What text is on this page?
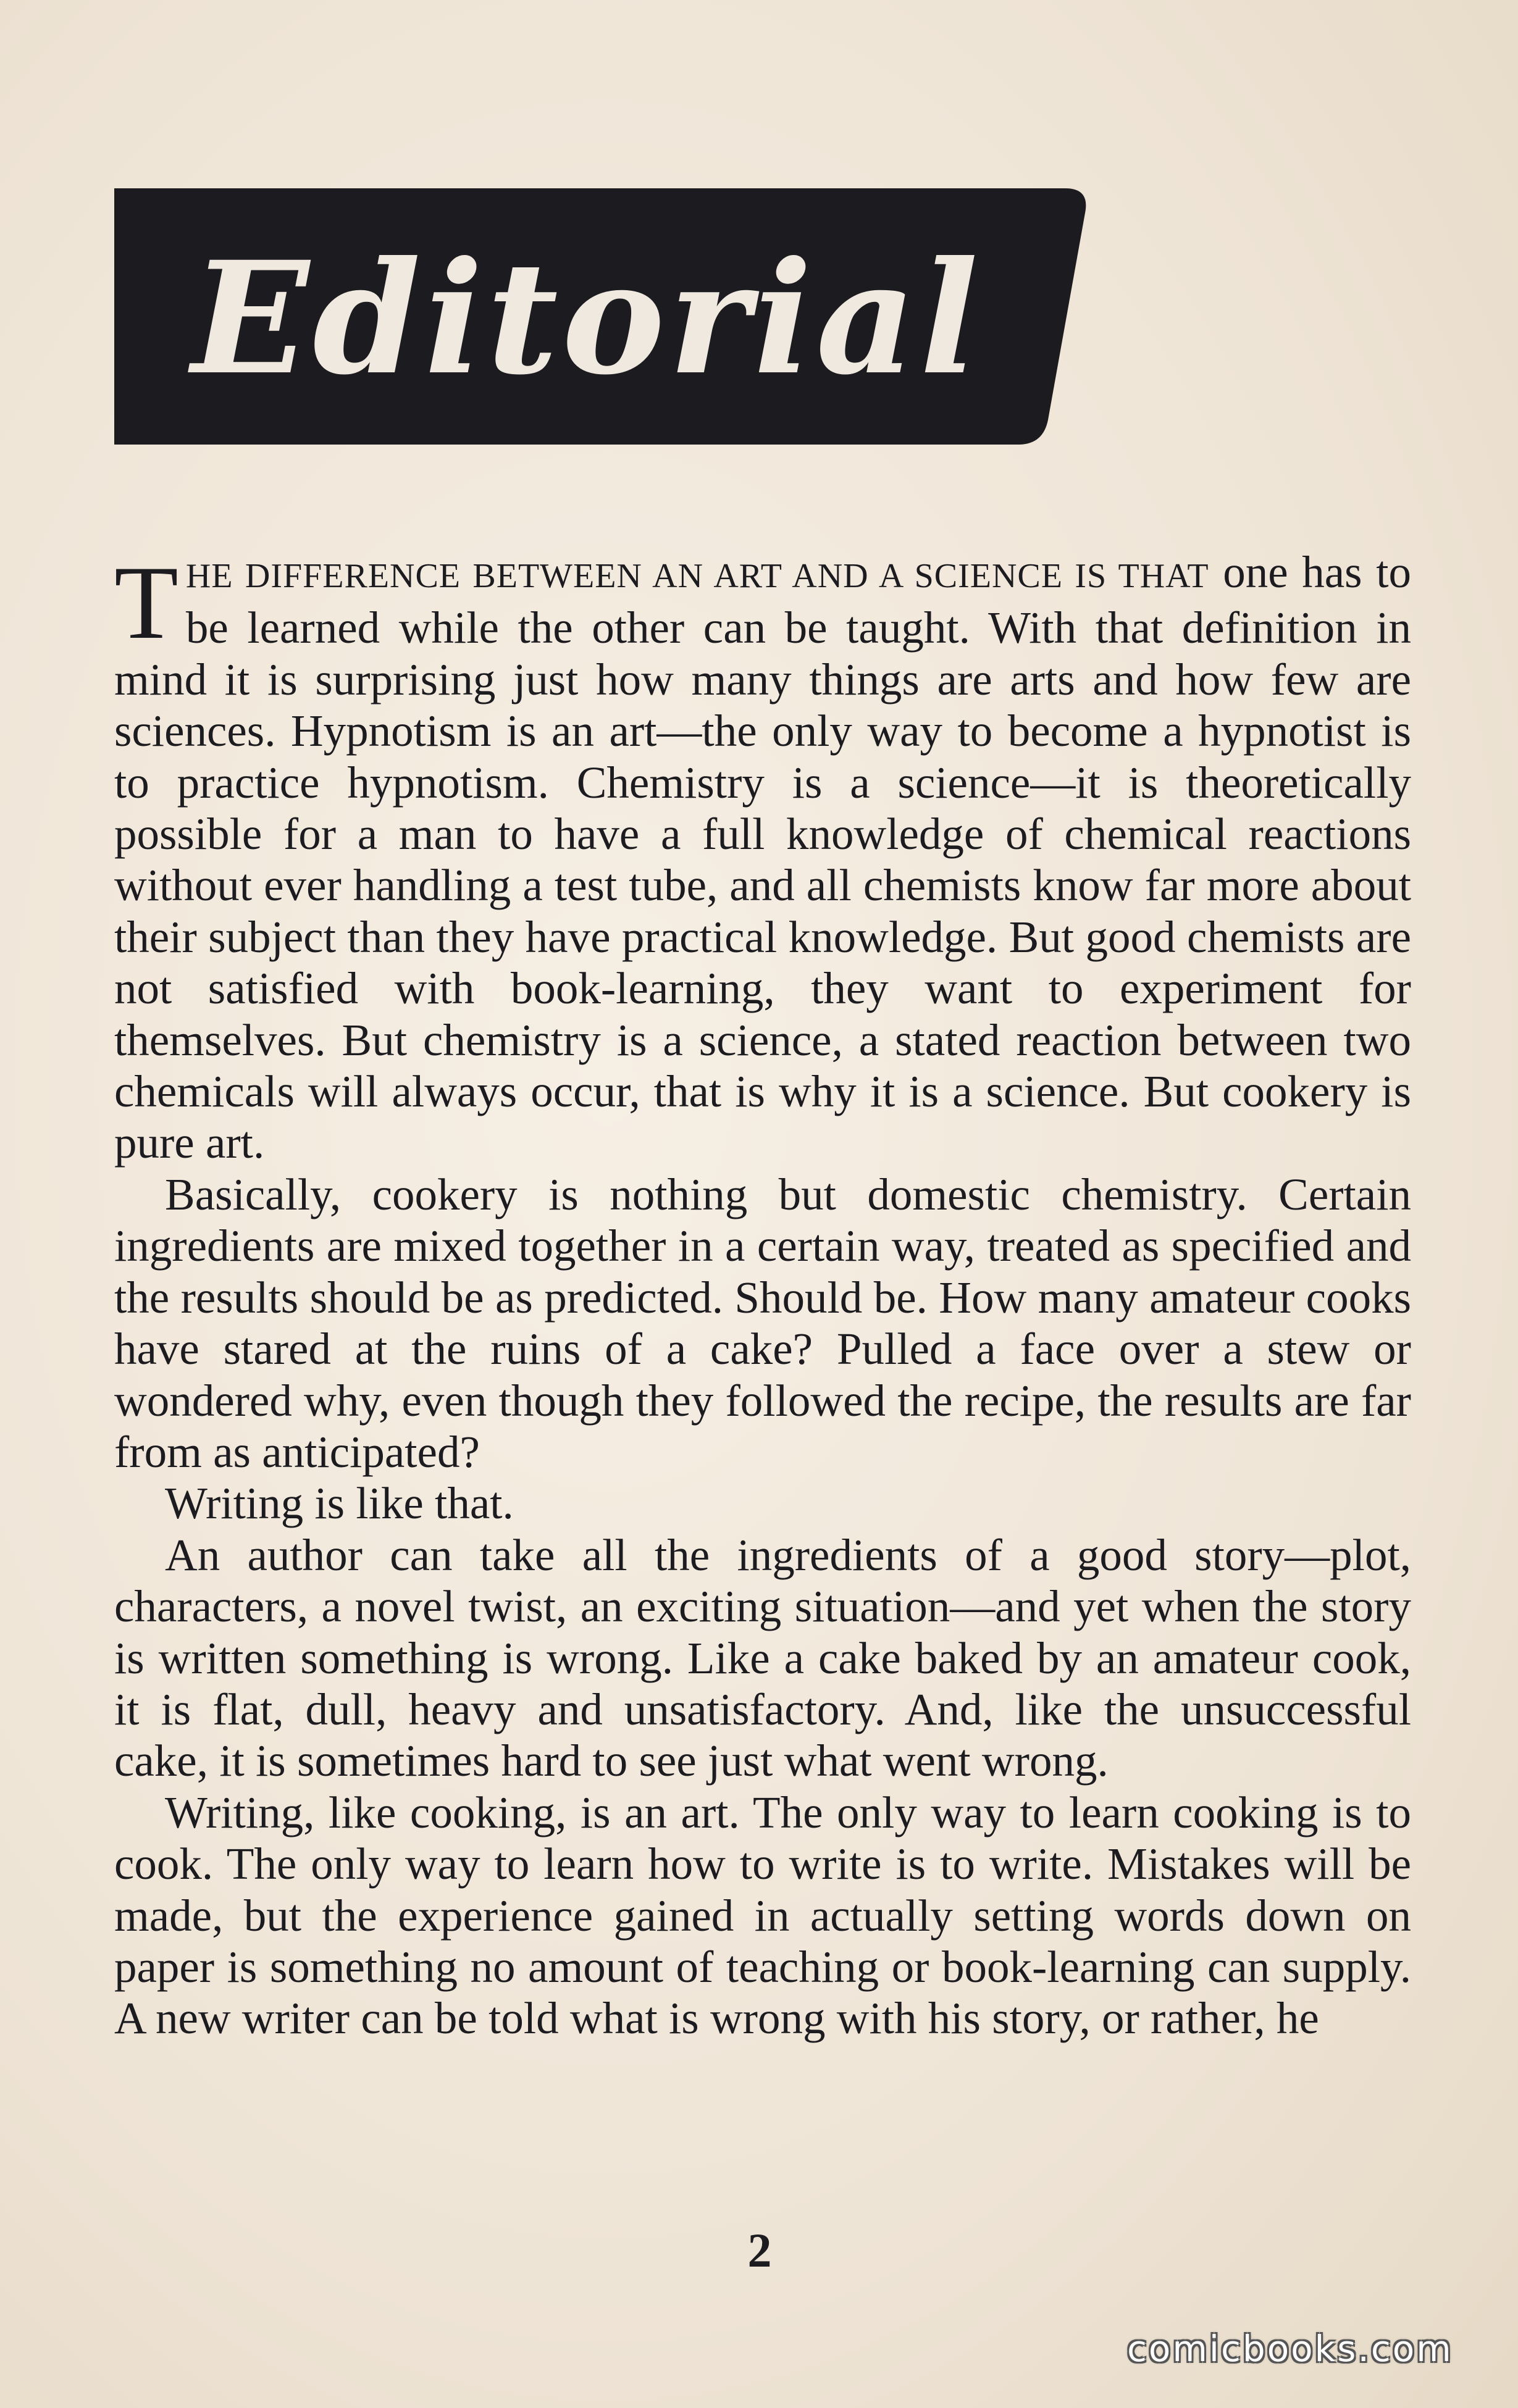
Editorial

THE DIFFERENCE BETWEEN AN ART AND A SCIENCE IS THAT one has to be learned while the other can be taught. With that definition in mind it is surprising just how many things are arts and how few are sciences. Hypnotism is an art—the only way to become a hypnotist is to practice hypnotism. Chemistry is a science—it is theoretically possible for a man to have a full knowledge of chemical reactions without ever handling a test tube, and all chemists know far more about their subject than they have practical knowledge. But good chemists are not satisfied with book-learning, they want to experiment for themselves. But chemistry is a science, a stated reaction between two chemicals will always occur, that is why it is a science. But cookery is pure art.

Basically, cookery is nothing but domestic chemistry. Certain ingredients are mixed together in a certain way, treated as specified and the results should be as predicted. Should be. How many amateur cooks have stared at the ruins of a cake? Pulled a face over a stew or wondered why, even though they followed the recipe, the results are far from as anticipated?

Writing is like that.

An author can take all the ingredients of a good story—plot, characters, a novel twist, an exciting situation—and yet when the story is written something is wrong. Like a cake baked by an amateur cook, it is flat, dull, heavy and unsatisfactory. And, like the unsuccessful cake, it is sometimes hard to see just what went wrong.

Writing, like cooking, is an art. The only way to learn cooking is to cook. The only way to learn how to write is to write. Mistakes will be made, but the experience gained in actually setting words down on paper is something no amount of teaching or book-learning can supply. A new writer can be told what is wrong with his story, or rather, he

2
comicbooks.com
